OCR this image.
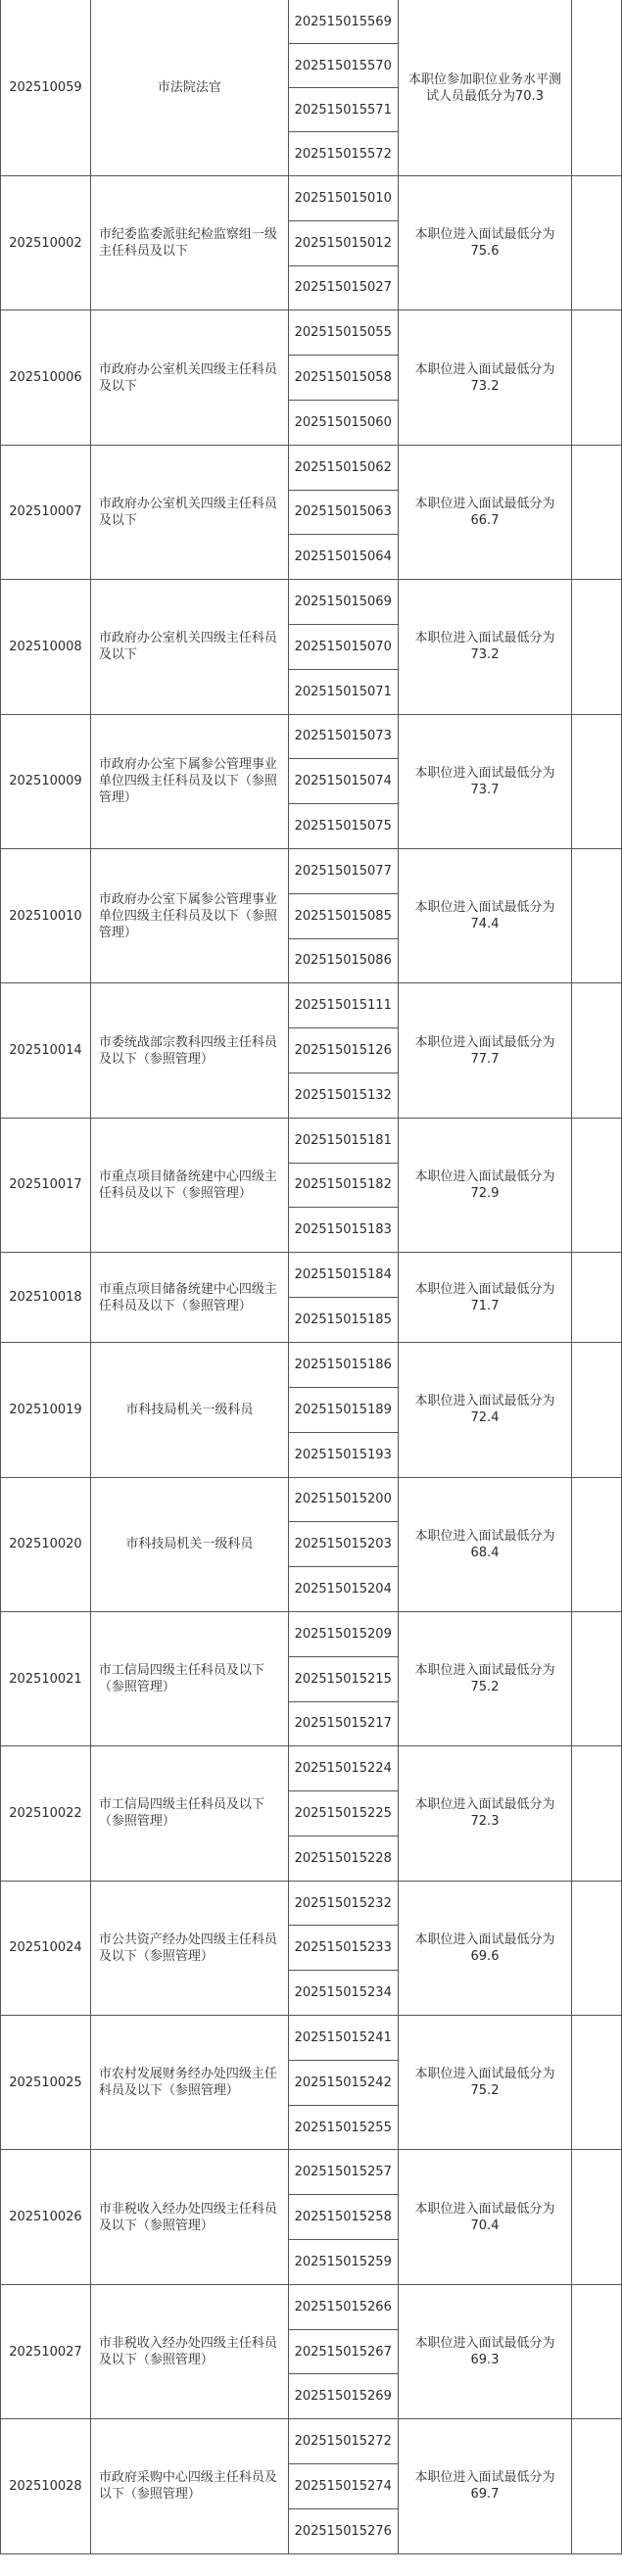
202510059	市法院法官	202515015569	本职位参加职位业务水平测试人员最低分为70.3	
		202515015570		
		202515015571		
		202515015572		
202510002	市纪委监委派驻纪检监察组一级主任科员及以下	202515015010	本职位进入面试最低分为75.6	
		202515015012		
		202515015027		
202510006	市政府办公室机关四级主任科员及以下	202515015055	本职位进入面试最低分为73.2	
		202515015058		
		202515015060		
202510007	市政府办公室机关四级主任科员及以下	202515015062	本职位进入面试最低分为66.7	
		202515015063		
		202515015064		
202510008	市政府办公室机关四级主任科员及以下	202515015069	本职位进入面试最低分为73.2	
		202515015070		
		202515015071		
202510009	市政府办公室下属参公管理事业单位四级主任科员及以下（参照管理）	202515015073	本职位进入面试最低分为73.7	
		202515015074		
		202515015075		
202510010	市政府办公室下属参公管理事业单位四级主任科员及以下（参照管理）	202515015077	本职位进入面试最低分为74.4	
		202515015085		
		202515015086		
202510014	市委统战部宗教科四级主任科员及以下（参照管理）	202515015111	本职位进入面试最低分为77.7	
		202515015126		
		202515015132		
202510017	市重点项目储备统建中心四级主任科员及以下（参照管理）	202515015181	本职位进入面试最低分为72.9	
		202515015182		
		202515015183		
202510018	市重点项目储备统建中心四级主任科员及以下（参照管理）	202515015184	本职位进入面试最低分为71.7	
		202515015185		
202510019	市科技局机关一级科员	202515015186	本职位进入面试最低分为72.4	
		202515015189		
		202515015193		
202510020	市科技局机关一级科员	202515015200	本职位进入面试最低分为68.4	
		202515015203		
		202515015204		
202510021	市工信局四级主任科员及以下（参照管理）	202515015209	本职位进入面试最低分为75.2	
		202515015215		
		202515015217		
202510022	市工信局四级主任科员及以下（参照管理）	202515015224	本职位进入面试最低分为72.3	
		202515015225		
		202515015228		
202510024	市公共资产经办处四级主任科员及以下（参照管理）	202515015232	本职位进入面试最低分为69.6	
		202515015233		
		202515015234		
202510025	市农村发展财务经办处四级主任科员及以下（参照管理）	202515015241	本职位进入面试最低分为75.2	
		202515015242		
		202515015255		
202510026	市非税收入经办处四级主任科员及以下（参照管理）	202515015257	本职位进入面试最低分为70.4	
		202515015258		
		202515015259		
202510027	市非税收入经办处四级主任科员及以下（参照管理）	202515015266	本职位进入面试最低分为69.3	
		202515015267		
		202515015269		
202510028	市政府采购中心四级主任科员及以下（参照管理）	202515015272	本职位进入面试最低分为69.7	
		202515015274		
		202515015276		
